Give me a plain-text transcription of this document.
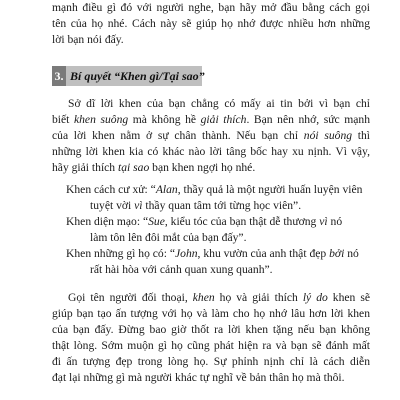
mạnh điều gì đó với người nghe, bạn hãy mở đầu bằng cách gọi
tên của họ nhé. Cách này sẽ giúp họ nhớ được nhiều hơn những
lời bạn nói đấy.
3. Bí quyết “Khen gì/Tại sao”
Sở dĩ lời khen của bạn chẳng có mấy ai tin bởi vì bạn chỉ
biết khen suông mà không hề giải thích. Bạn nên nhớ, sức mạnh
của lời khen nằm ở sự chân thành. Nếu bạn chỉ nói suông thì
những lời khen kia có khác nào lời tâng bốc hay xu nịnh. Vì vậy,
hãy giải thích tại sao bạn khen ngợi họ nhé.
Khen cách cư xử: “Alan, thầy quả là một người huấn luyện viên
tuyệt vời vì thầy quan tâm tới từng học viên”.
Khen diện mạo: “Sue, kiểu tóc của bạn thật dễ thương vì nó
làm tôn lên đôi mắt của bạn đấy”.
Khen những gì họ có: “John, khu vườn của anh thật đẹp bởi nó
rất hài hòa với cảnh quan xung quanh”.
Gọi tên người đối thoại, khen họ và giải thích lý do khen sẽ
giúp bạn tạo ấn tượng với họ và làm cho họ nhớ lâu hơn lời khen
của bạn đấy. Đừng bao giờ thốt ra lời khen tặng nếu bạn không
thật lòng. Sớm muộn gì họ cũng phát hiện ra và bạn sẽ đánh mất
đi ấn tượng đẹp trong lòng họ. Sự phỉnh nịnh chỉ là cách diễn
đạt lại những gì mà người khác tự nghĩ về bản thân họ mà thôi.
